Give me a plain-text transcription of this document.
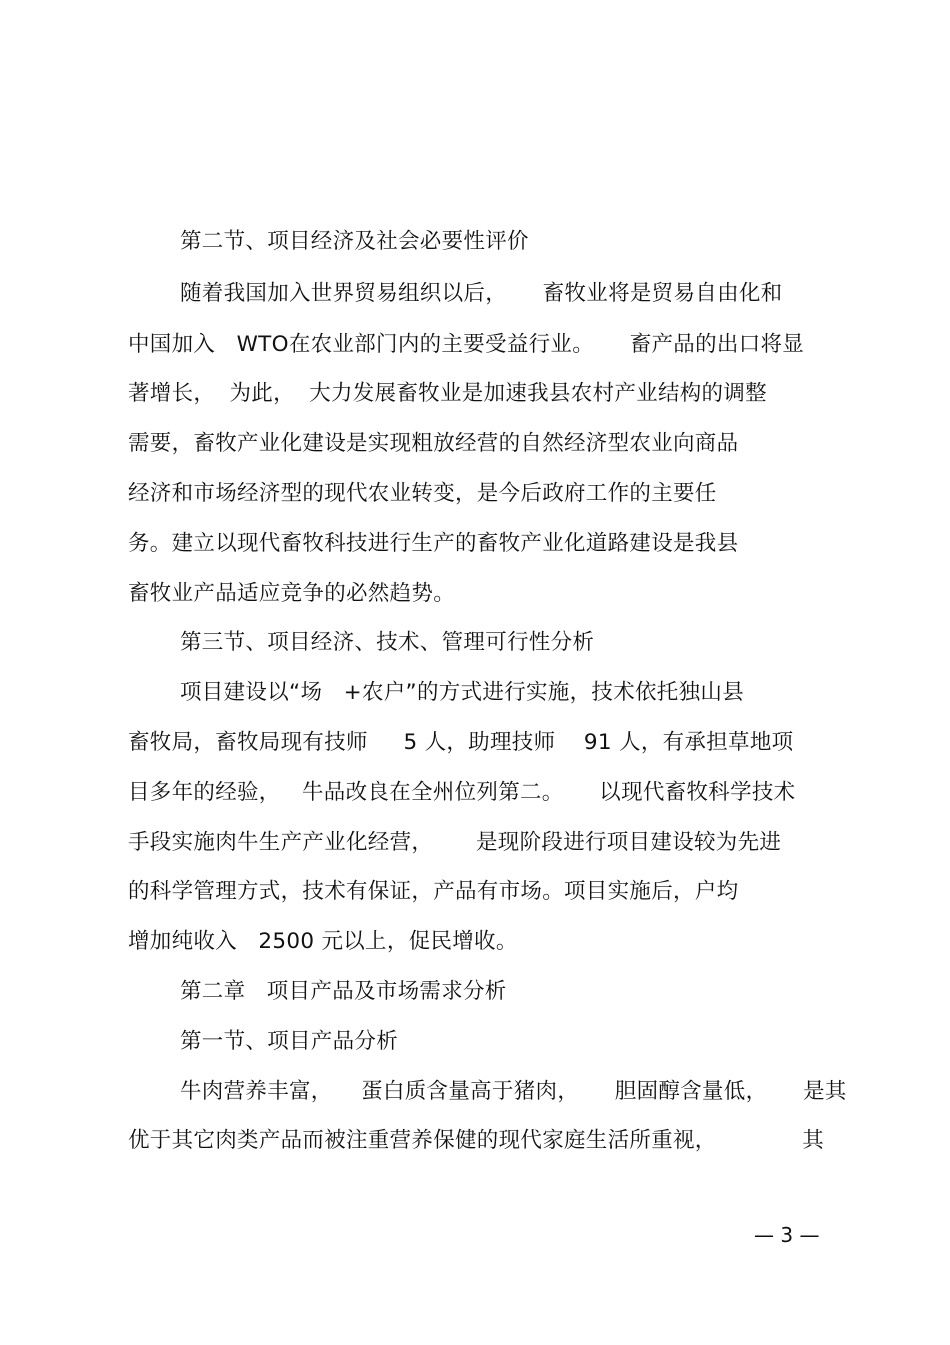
第二节、项目经济及社会必要性评价
随着我国加入世界贸易组织以后，     畜牧业将是贸易自由化和
中国加入   WTO在农业部门内的主要受益行业。     畜产品的出口将显
著增长，  为此，  大力发展畜牧业是加速我县农村产业结构的调整
需要，畜牧产业化建设是实现粗放经营的自然经济型农业向商品
经济和市场经济型的现代农业转变，是今后政府工作的主要任
务。建立以现代畜牧科技进行生产的畜牧产业化道路建设是我县
畜牧业产品适应竞争的必然趋势。
第三节、项目经济、技术、管理可行性分析
项目建设以“场   +农户”的方式进行实施，技术依托独山县
畜牧局，畜牧局现有技师     5 人，助理技师    91 人，有承担草地项
目多年的经验，   牛品改良在全州位列第二。     以现代畜牧科学技术
手段实施肉牛生产产业化经营，      是现阶段进行项目建设较为先进
的科学管理方式，技术有保证，产品有市场。项目实施后，户均
增加纯收入   2500 元以上，促民增收。
第二章   项目产品及市场需求分析
第一节、项目产品分析
牛肉营养丰富，    蛋白质含量高于猪肉，     胆固醇含量低，     是其
优于其它肉类产品而被注重营养保健的现代家庭生活所重视，            其
— 3 —
